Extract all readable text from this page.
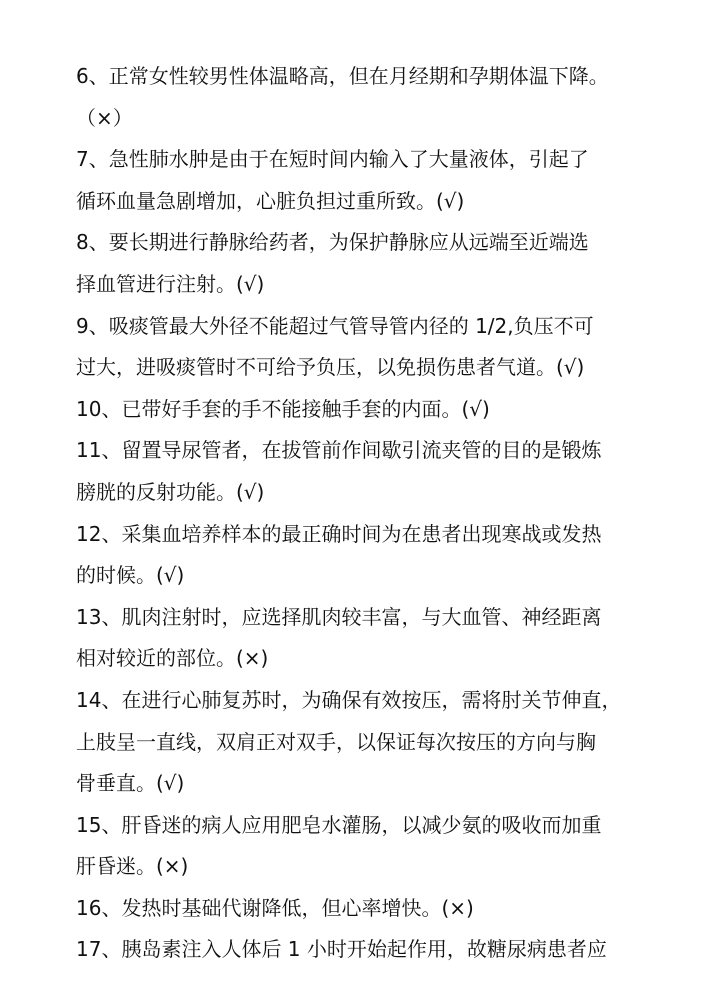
6、正常女性较男性体温略高，但在月经期和孕期体温下降。
（×）
7、急性肺水肿是由于在短时间内输入了大量液体，引起了
循环血量急剧增加，心脏负担过重所致。(√)
8、要长期进行静脉给药者，为保护静脉应从远端至近端选
择血管进行注射。(√)
9、吸痰管最大外径不能超过气管导管内径的 1/2,负压不可
过大，进吸痰管时不可给予负压，以免损伤患者气道。(√)
10、已带好手套的手不能接触手套的内面。(√)
11、留置导尿管者，在拔管前作间歇引流夹管的目的是锻炼
膀胱的反射功能。(√)
12、采集血培养样本的最正确时间为在患者出现寒战或发热
的时候。(√)
13、肌肉注射时，应选择肌肉较丰富，与大血管、神经距离
相对较近的部位。(×)
14、在进行心肺复苏时，为确保有效按压，需将肘关节伸直，
上肢呈一直线，双肩正对双手，以保证每次按压的方向与胸
骨垂直。(√)
15、肝昏迷的病人应用肥皂水灌肠，以减少氨的吸收而加重
肝昏迷。(×)
16、发热时基础代谢降低，但心率增快。(×)
17、胰岛素注入人体后 1 小时开始起作用，故糖尿病患者应
